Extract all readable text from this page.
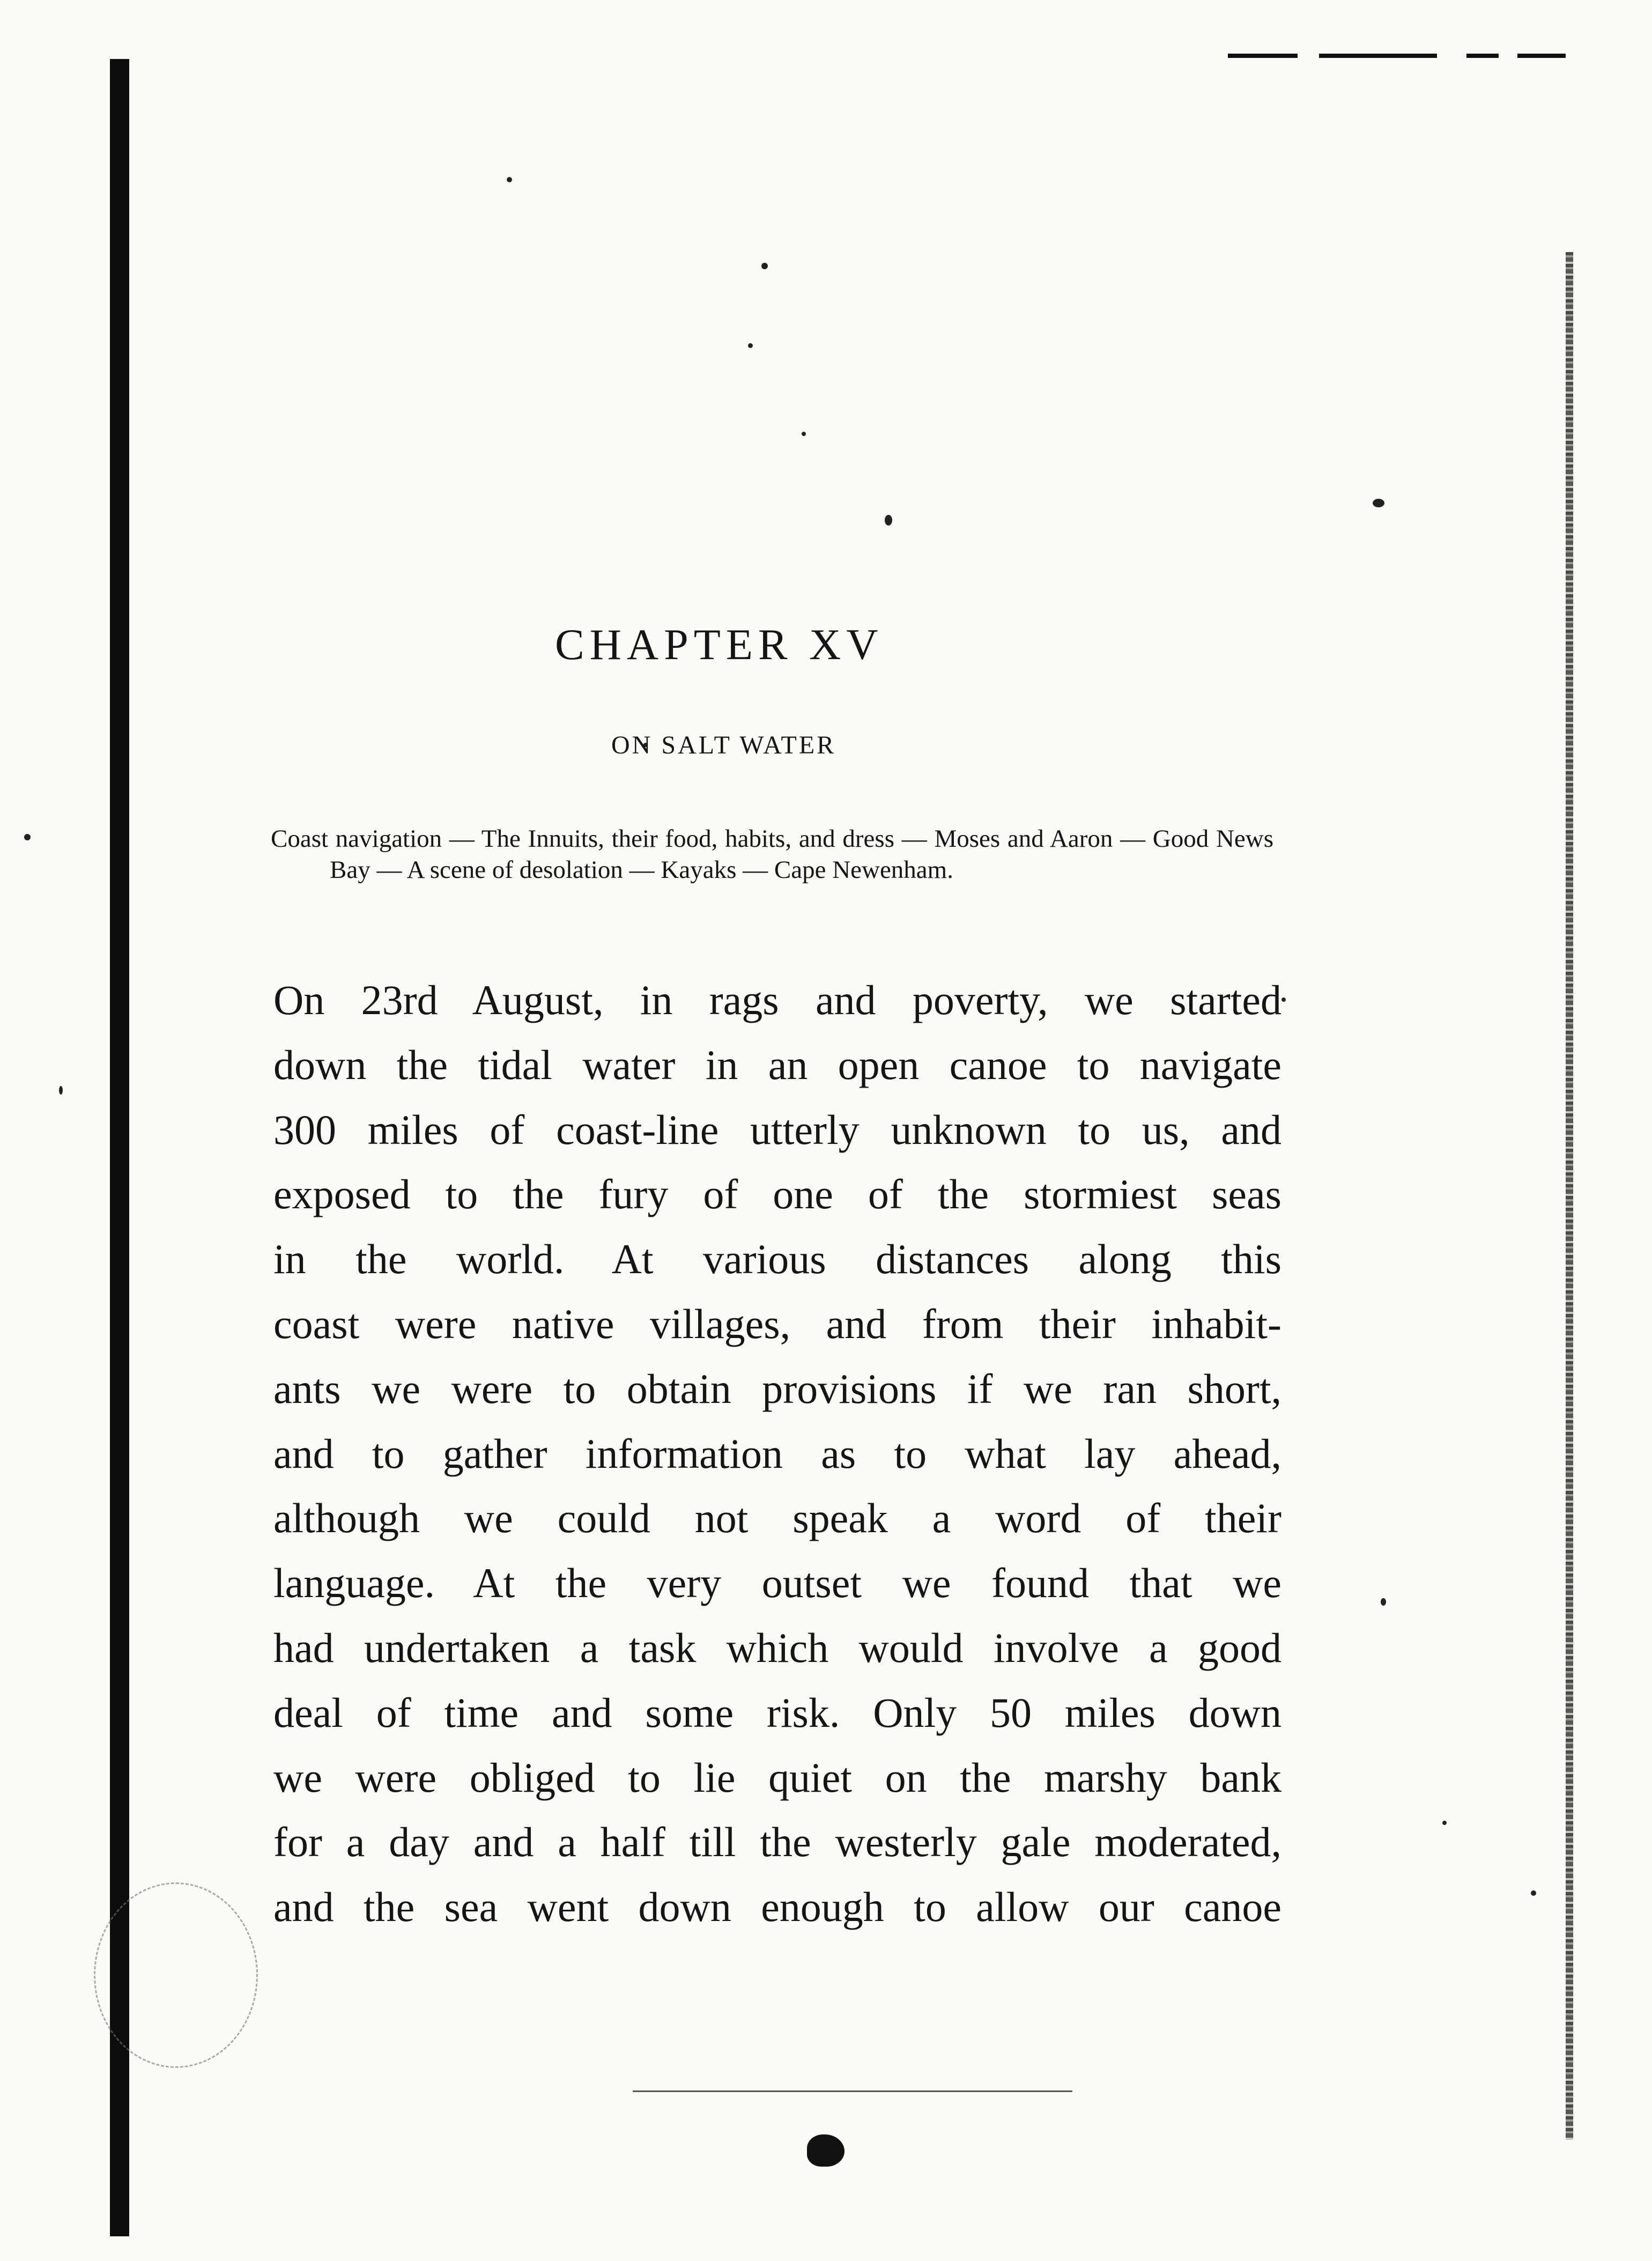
CHAPTER XV
ON SALT WATER

Coast navigation — The Innuits, their food, habits, and dress — Moses and Aaron — Good News Bay — A scene of desolation — Kayaks — Cape Newenham.

On 23rd August, in rags and poverty, we started
down the tidal water in an open canoe to navigate
300 miles of coast-line utterly unknown to us, and
exposed to the fury of one of the stormiest seas
in the world. At various distances along this
coast were native villages, and from their inhabit-
ants we were to obtain provisions if we ran short,
and to gather information as to what lay ahead,
although we could not speak a word of their
language. At the very outset we found that we
had undertaken a task which would involve a good
deal of time and some risk. Only 50 miles down
we were obliged to lie quiet on the marshy bank
for a day and a half till the westerly gale moderated,
and the sea went down enough to allow our canoe
